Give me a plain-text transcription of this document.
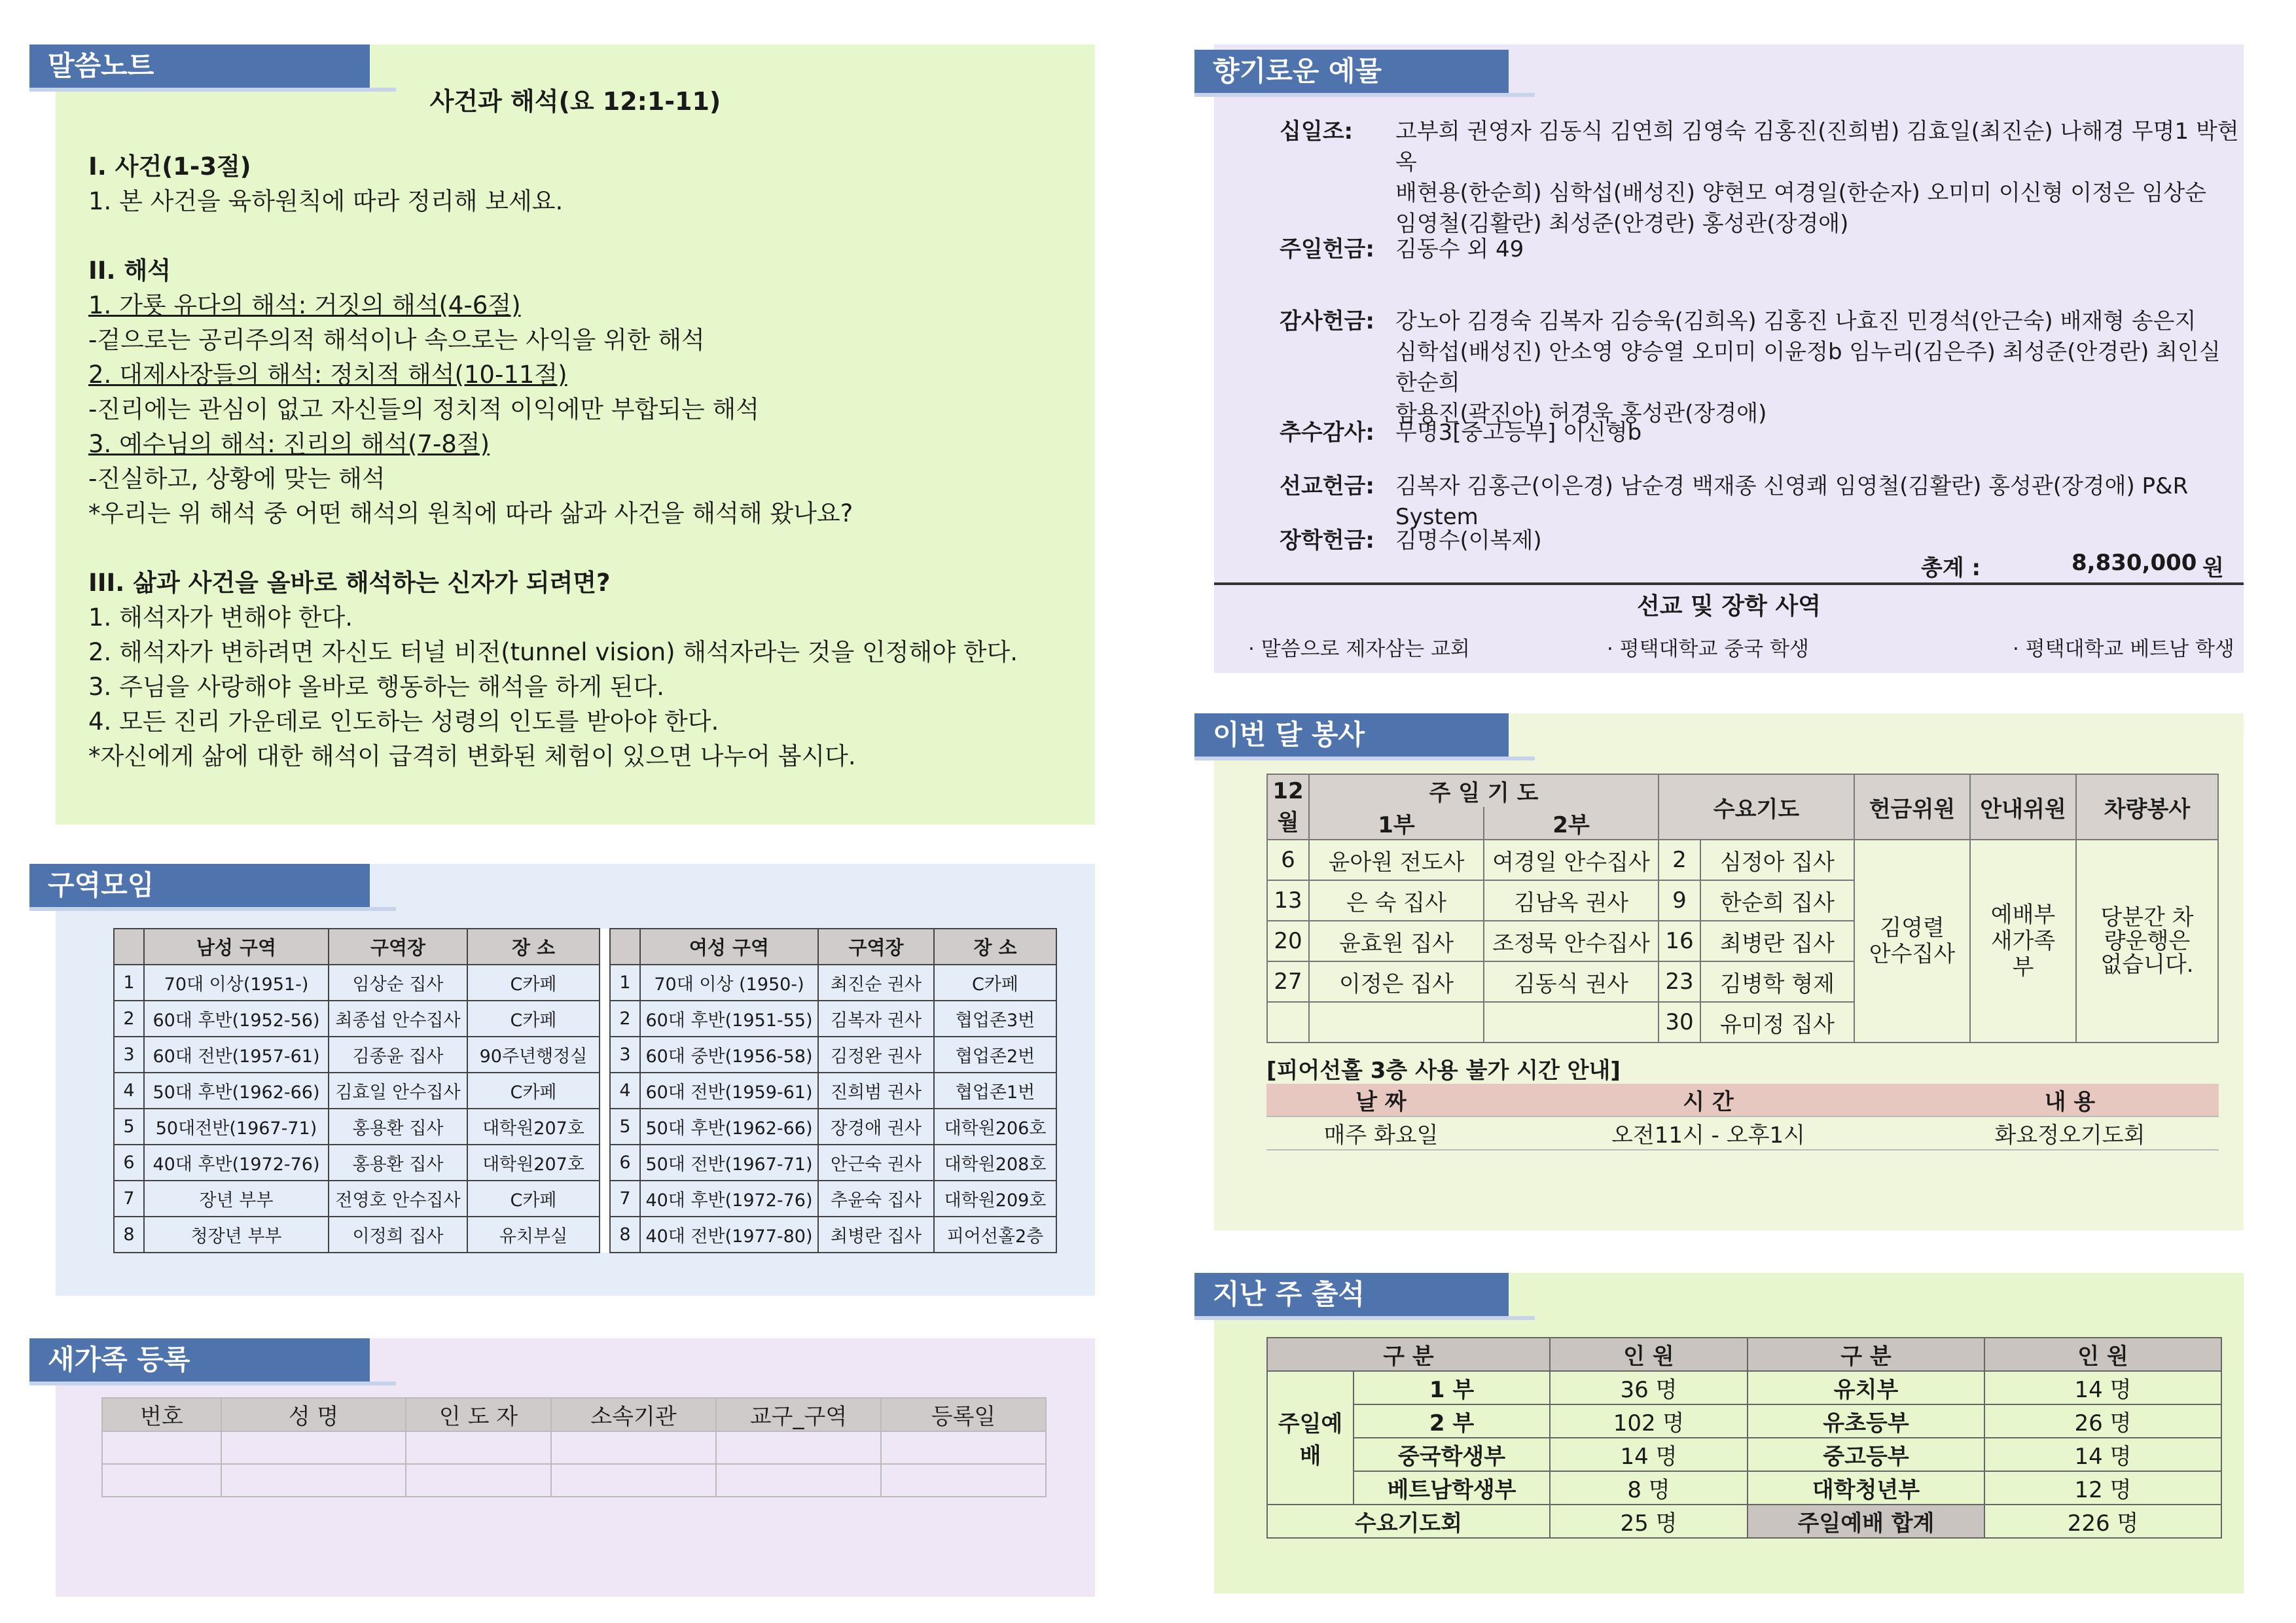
말씀노트
사건과 해석(요 12:1-11)
I. 사건(1-3절)
1. 본 사건을 육하원칙에 따라 정리해 보세요.
II. 해석
1. 가룟 유다의 해석: 거짓의 해석(4-6절)
-겉으로는 공리주의적 해석이나 속으로는 사익을 위한 해석
2. 대제사장들의 해석: 정치적 해석(10-11절)
-진리에는 관심이 없고 자신들의 정치적 이익에만 부합되는 해석
3. 예수님의 해석: 진리의 해석(7-8절)
-진실하고, 상황에 맞는 해석
*우리는 위 해석 중 어떤 해석의 원칙에 따라 삶과 사건을 해석해 왔나요?
III. 삶과 사건을 올바로 해석하는 신자가 되려면?
1. 해석자가 변해야 한다.
2. 해석자가 변하려면 자신도 터널 비전(tunnel vision) 해석자라는 것을 인정해야 한다.
3. 주님을 사랑해야 올바로 행동하는 해석을 하게 된다.
4. 모든 진리 가운데로 인도하는 성령의 인도를 받아야 한다.
*자신에게 삶에 대한 해석이 급격히 변화된 체험이 있으면 나누어 봅시다.
향기로운 예물
십일조:	고부희 권영자 김동식 김연희 김영숙 김홍진(진희범) 김효일(최진순) 나해경 무명1 박현옥
배현용(한순희) 심학섭(배성진) 양현모 여경일(한순자) 오미미 이신형 이정은 임상순
임영철(김활란) 최성준(안경란) 홍성관(장경애)
주일헌금: 김동수 외 49
감사헌금: 강노아 김경숙 김복자 김승욱(김희옥) 김홍진 나효진 민경석(안근숙) 배재형 송은지
심학섭(배성진) 안소영 양승열 오미미 이윤정b 임누리(김은주) 최성준(안경란) 최인실 한순희
함용진(곽진아) 허경욱 홍성관(장경애)
추수감사: 무명3[중고등부] 이신형b
선교헌금: 김복자 김홍근(이은경) 남순경 백재종 신영쾌 임영철(김활란) 홍성관(장경애) P&R System
장학헌금: 김명수(이복제)
총계 :	8,830,000 원
선교 및 장학 사역
· 말씀으로 제자삼는 교회	· 평택대학교 중국 학생	· 평택대학교 베트남 학생
이번 달 봉사
12월	주 일 기 도		수요기도		헌금위원	안내위원	차량봉사
	1부	2부					
6	윤아원 전도사	여경일 안수집사	2	심정아 집사	김영렬 안수집사	예배부 새가족부	당분간 차량운행은 없습니다.
13	은 숙 집사	김남옥 권사	9	한순희 집사			
20	윤효원 집사	조정묵 안수집사	16	최병란 집사			
27	이정은 집사	김동식 권사	23	김병학 형제			
			30	유미정 집사			
[피어선홀 3층 사용 불가 시간 안내]
날 짜	시 간	내 용
매주 화요일	오전11시 - 오후1시	화요정오기도회
구역모임
	남성 구역	구역장	장 소			여성 구역	구역장	장 소
1	70대 이상(1951-)	임상순 집사	C카페		1	70대 이상 (1950-)	최진순 권사	C카페
2	60대 후반(1952-56)	최종섭 안수집사	C카페		2	60대 후반(1951-55)	김복자 권사	협업존3번
3	60대 전반(1957-61)	김종윤 집사	90주년행정실		3	60대 중반(1956-58)	김정완 권사	협업존2번
4	50대 후반(1962-66)	김효일 안수집사	C카페		4	60대 전반(1959-61)	진희범 권사	협업존1번
5	50대전반(1967-71)	홍용환 집사	대학원207호		5	50대 후반(1962-66)	장경애 권사	대학원206호
6	40대 후반(1972-76)	홍용환 집사	대학원207호		6	50대 전반(1967-71)	안근숙 권사	대학원208호
7	장년 부부	전영호 안수집사	C카페		7	40대 후반(1972-76)	추윤숙 집사	대학원209호
8	청장년 부부	이정희 집사	유치부실		8	40대 전반(1977-80)	최병란 집사	피어선홀2층
새가족 등록
번호	성 명	인 도 자	소속기관	교구_구역	등록일

지난 주 출석
구 분		인 원	구 분	인 원
주일예배	1 부	36 명	유치부	14 명
	2 부	102 명	유초등부	26 명
	중국학생부	14 명	중고등부	14 명
	베트남학생부	8 명	대학청년부	12 명
수요기도회		25 명	주일예배 합계	226 명
